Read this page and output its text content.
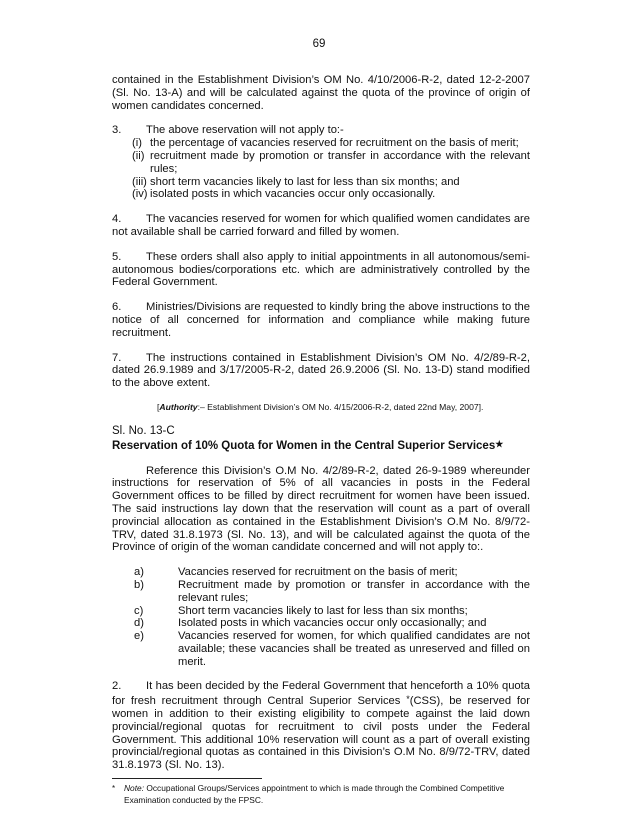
69

contained in the Establishment Division’s OM No. 4/10/2006-R-2, dated 12-2-2007 (Sl. No. 13-A) and will be calculated against the quota of the province of origin of women candidates concerned.

3. The above reservation will not apply to:-

(i) the percentage of vacancies reserved for recruitment on the basis of merit;
(ii) recruitment made by promotion or transfer in accordance with the relevant rules;
(iii) short term vacancies likely to last for less than six months; and
(iv) isolated posts in which vacancies occur only occasionally.

4. The vacancies reserved for women for which qualified women candidates are not available shall be carried forward and filled by women.

5. These orders shall also apply to initial appointments in all autonomous/semi-autonomous bodies/corporations etc. which are administratively controlled by the Federal Government.

6. Ministries/Divisions are requested to kindly bring the above instructions to the notice of all concerned for information and compliance while making future recruitment.

7. The instructions contained in Establishment Division’s OM No. 4/2/89-R-2, dated 26.9.1989 and 3/17/2005-R-2, dated 26.9.2006 (Sl. No. 13-D) stand modified to the above extent.

[Authority:– Establishment Division’s OM No. 4/15/2006-R-2, dated 22nd May, 2007].

Sl. No. 13-C

Reservation of 10% Quota for Women in the Central Superior Services★

Reference this Division’s O.M No. 4/2/89-R-2, dated 26-9-1989 whereunder instructions for reservation of 5% of all vacancies in posts in the Federal Government offices to be filled by direct recruitment for women have been issued. The said instructions lay down that the reservation will count as a part of overall provincial allocation as contained in the Establishment Division’s O.M No. 8/9/72-TRV, dated 31.8.1973 (Sl. No. 13), and will be calculated against the quota of the Province of origin of the woman candidate concerned and will not apply to:.

a)	Vacancies reserved for recruitment on the basis of merit;
b)	Recruitment made by promotion or transfer in accordance with the relevant rules;
c)	Short term vacancies likely to last for less than six months;
d)	Isolated posts in which vacancies occur only occasionally; and
e)	Vacancies reserved for women, for which qualified candidates are not available; these vacancies shall be treated as unreserved and filled on merit.

2. It has been decided by the Federal Government that henceforth a 10% quota for fresh recruitment through Central Superior Services *(CSS), be reserved for women in addition to their existing eligibility to compete against the laid down provincial/regional quotas for recruitment to civil posts under the Federal Government. This additional 10% reservation will count as a part of overall existing provincial/regional quotas as contained in this Division’s O.M No. 8/9/72-TRV, dated 31.8.1973 (Sl. No. 13).

*	Note: Occupational Groups/Services appointment to which is made through the Combined Competitive Examination conducted by the FPSC.
